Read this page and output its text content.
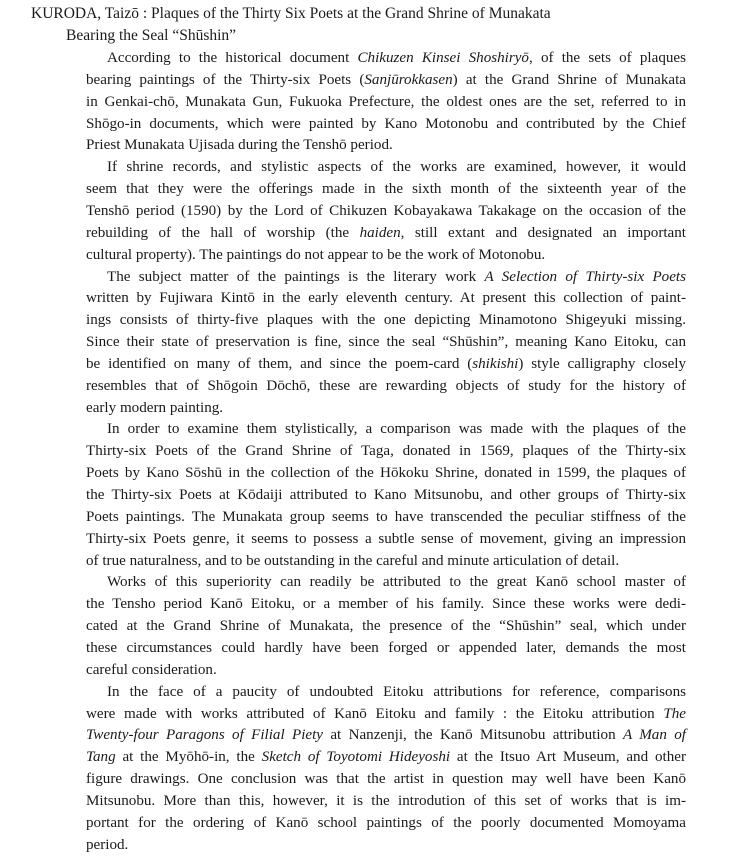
KURODA, Taizō : Plaques of the Thirty Six Poets at the Grand Shrine of Munakata
Bearing the Seal “Shūshin”
According to the historical document Chikuzen Kinsei Shoshiryō, of the sets of plaques
bearing paintings of the Thirty-six Poets (Sanjūrokkasen) at the Grand Shrine of Munakata
in Genkai-chō, Munakata Gun, Fukuoka Prefecture, the oldest ones are the set, referred to in
Shōgo-in documents, which were painted by Kano Motonobu and contributed by the Chief
Priest Munakata Ujisada during the Tenshō period.
If shrine records, and stylistic aspects of the works are examined, however, it would
seem that they were the offerings made in the sixth month of the sixteenth year of the
Tenshō period (1590) by the Lord of Chikuzen Kobayakawa Takakage on the occasion of the
rebuilding of the hall of worship (the haiden, still extant and designated an important
cultural property). The paintings do not appear to be the work of Motonobu.
The subject matter of the paintings is the literary work A Selection of Thirty-six Poets
written by Fujiwara Kintō in the early eleventh century. At present this collection of paint-
ings consists of thirty-five plaques with the one depicting Minamotono Shigeyuki missing.
Since their state of preservation is fine, since the seal “Shūshin”, meaning Kano Eitoku, can
be identified on many of them, and since the poem-card (shikishi) style calligraphy closely
resembles that of Shōgoin Dōchō, these are rewarding objects of study for the history of
early modern painting.
In order to examine them stylistically, a comparison was made with the plaques of the
Thirty-six Poets of the Grand Shrine of Taga, donated in 1569, plaques of the Thirty-six
Poets by Kano Sōshū in the collection of the Hōkoku Shrine, donated in 1599, the plaques of
the Thirty-six Poets at Kōdaiji attributed to Kano Mitsunobu, and other groups of Thirty-six
Poets paintings. The Munakata group seems to have transcended the peculiar stiffness of the
Thirty-six Poets genre, it seems to possess a subtle sense of movement, giving an impression
of true naturalness, and to be outstanding in the careful and minute articulation of detail.
Works of this superiority can readily be attributed to the great Kanō school master of
the Tensho period Kanō Eitoku, or a member of his family. Since these works were dedi-
cated at the Grand Shrine of Munakata, the presence of the “Shūshin” seal, which under
these circumstances could hardly have been forged or appended later, demands the most
careful consideration.
In the face of a paucity of undoubted Eitoku attributions for reference, comparisons
were made with works attributed of Kanō Eitoku and family : the Eitoku attribution The
Twenty-four Paragons of Filial Piety at Nanzenji, the Kanō Mitsunobu attribution A Man of
Tang at the Myōhō-in, the Sketch of Toyotomi Hideyoshi at the Itsuo Art Museum, and other
figure drawings. One conclusion was that the artist in question may well have been Kanō
Mitsunobu. More than this, however, it is the introdution of this set of works that is im-
portant for the ordering of Kanō school paintings of the poorly documented Momoyama
period.
